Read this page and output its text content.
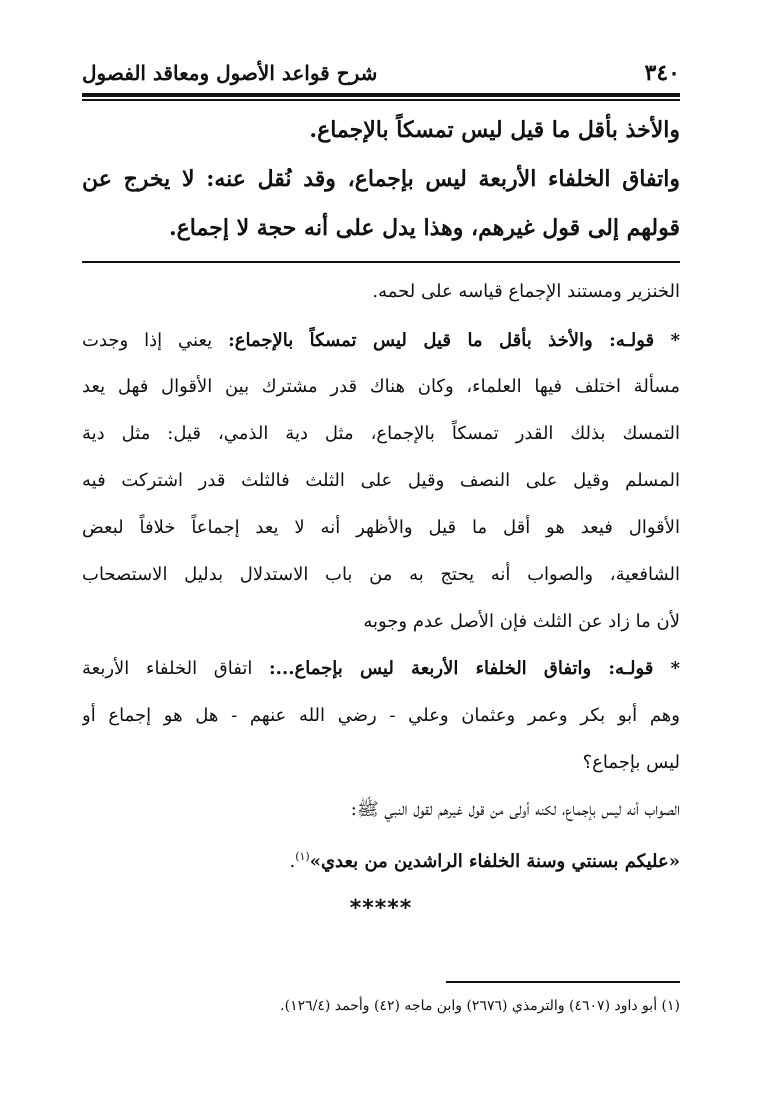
٣٤٠
شرح قواعد الأصول ومعاقد الفصول
والأخذ بأقل ما قيل ليس تمسكاً بالإجماع.
واتفاق الخلفاء الأربعة ليس بإجماع، وقد نُقل عنه: لا يخرج عن
قولهم إلى قول غيرهم، وهذا يدل على أنه حجة لا إجماع.
الخنزير ومستند الإجماع قياسه على لحمه.
* قولـه: والأخذ بأقل ما قيل ليس تمسكاً بالإجماع: يعني إذا وجدت
مسألة اختلف فيها العلماء، وكان هناك قدر مشترك بين الأقوال فهل يعد
التمسك بذلك القدر تمسكاً بالإجماع، مثل دية الذمي، قيل: مثل دية
المسلم وقيل على النصف وقيل على الثلث فالثلث قدر اشتركت فيه
الأقوال فيعد هو أقل ما قيل والأظهر أنه لا يعد إجماعاً خلافاً لبعض
الشافعية، والصواب أنه يحتج به من باب الاستدلال بدليل الاستصحاب
لأن ما زاد عن الثلث فإن الأصل عدم وجوبه
* قولـه: واتفاق الخلفاء الأربعة ليس بإجماع...: اتفاق الخلفاء الأربعة
وهم أبو بكر وعمر وعثمان وعلي - رضي الله عنهم - هل هو إجماع أو
ليس بإجماع؟
الصواب أنه ليس بإجماع، لكنه أولى من قول غيرهم لقول النبي ﷺ:
«عليكم بسنتي وسنة الخلفاء الراشدين من بعدي»$^{(١)}$.
*****
(١) أبو داود (٤٦٠٧) والترمذي (٢٦٧٦) وابن ماجه (٤٢) وأحمد (١٢٦/٤).
